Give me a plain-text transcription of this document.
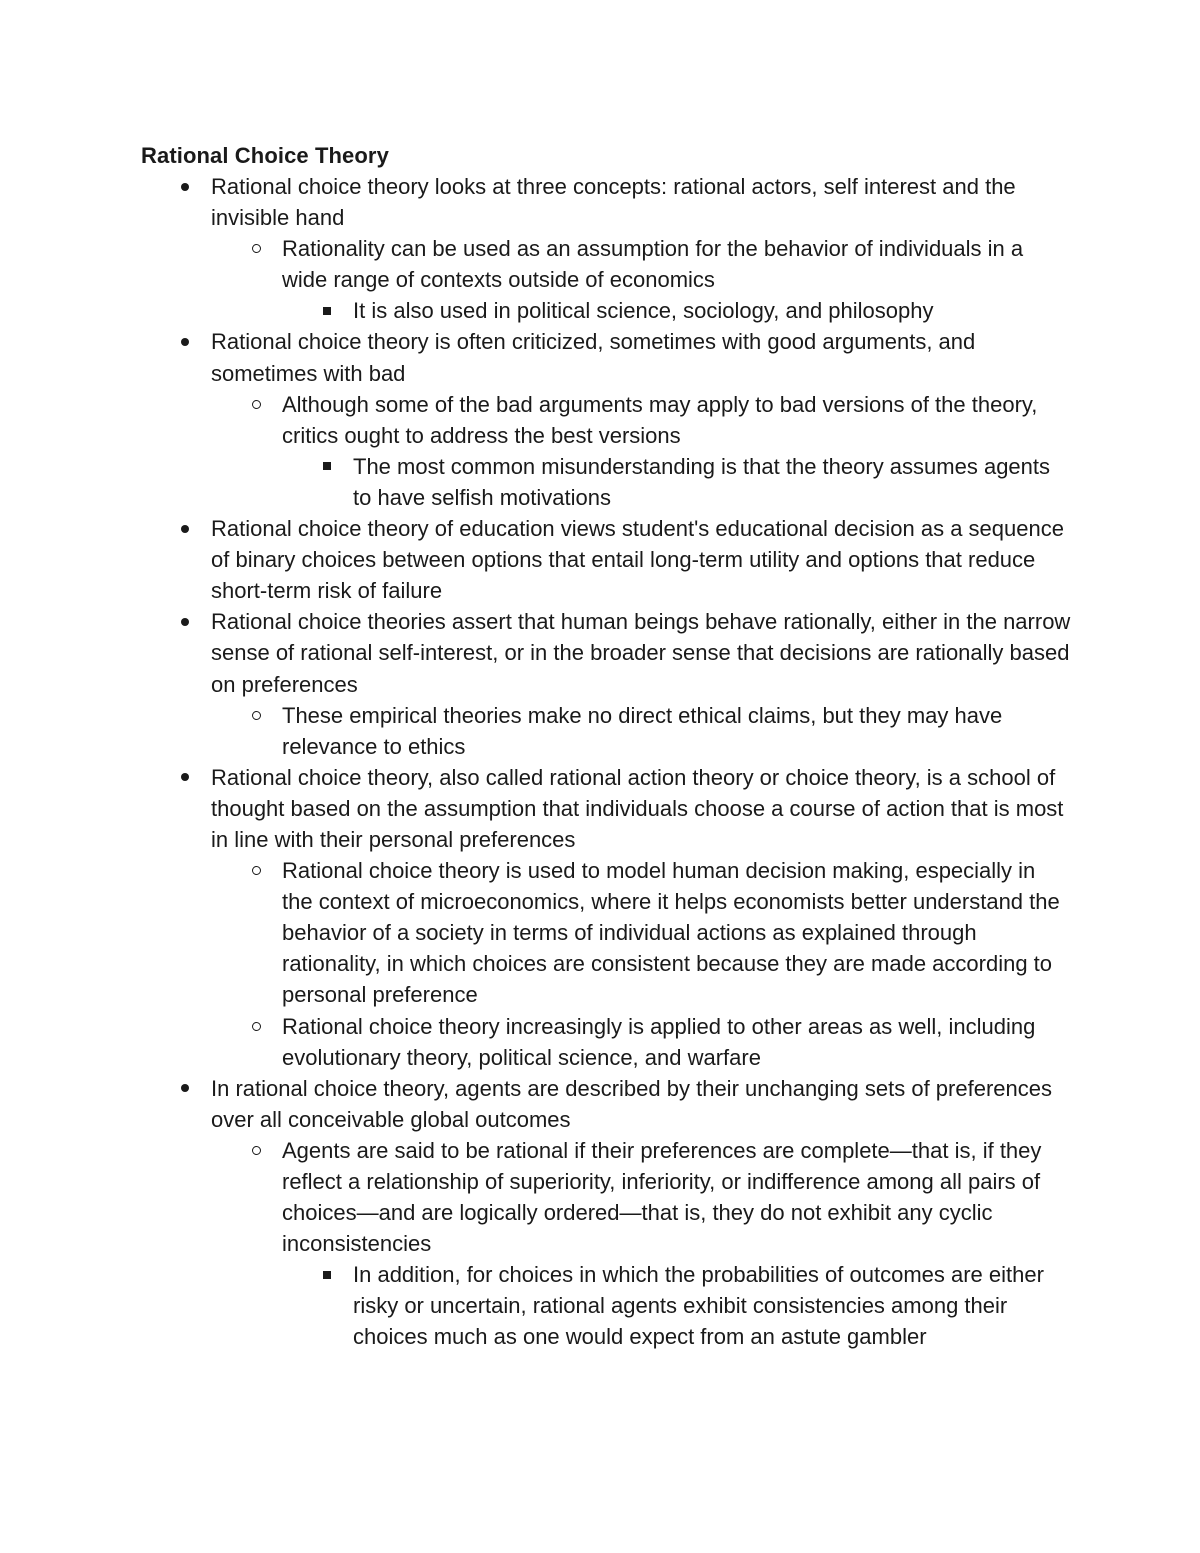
Rational Choice Theory
Rational choice theory looks at three concepts: rational actors, self interest and the invisible hand
Rationality can be used as an assumption for the behavior of individuals in a wide range of contexts outside of economics
It is also used in political science, sociology, and philosophy
Rational choice theory is often criticized, sometimes with good arguments, and sometimes with bad
Although some of the bad arguments may apply to bad versions of the theory, critics ought to address the best versions
The most common misunderstanding is that the theory assumes agents to have selfish motivations
Rational choice theory of education views student's educational decision as a sequence of binary choices between options that entail long-term utility and options that reduce short-term risk of failure
Rational choice theories assert that human beings behave rationally, either in the narrow sense of rational self-interest, or in the broader sense that decisions are rationally based on preferences
These empirical theories make no direct ethical claims, but they may have relevance to ethics
Rational choice theory, also called rational action theory or choice theory, is a school of thought based on the assumption that individuals choose a course of action that is most in line with their personal preferences
Rational choice theory is used to model human decision making, especially in the context of microeconomics, where it helps economists better understand the behavior of a society in terms of individual actions as explained through rationality, in which choices are consistent because they are made according to personal preference
Rational choice theory increasingly is applied to other areas as well, including evolutionary theory, political science, and warfare
In rational choice theory, agents are described by their unchanging sets of preferences over all conceivable global outcomes
Agents are said to be rational if their preferences are complete—that is, if they reflect a relationship of superiority, inferiority, or indifference among all pairs of choices—and are logically ordered—that is, they do not exhibit any cyclic inconsistencies
In addition, for choices in which the probabilities of outcomes are either risky or uncertain, rational agents exhibit consistencies among their choices much as one would expect from an astute gambler
